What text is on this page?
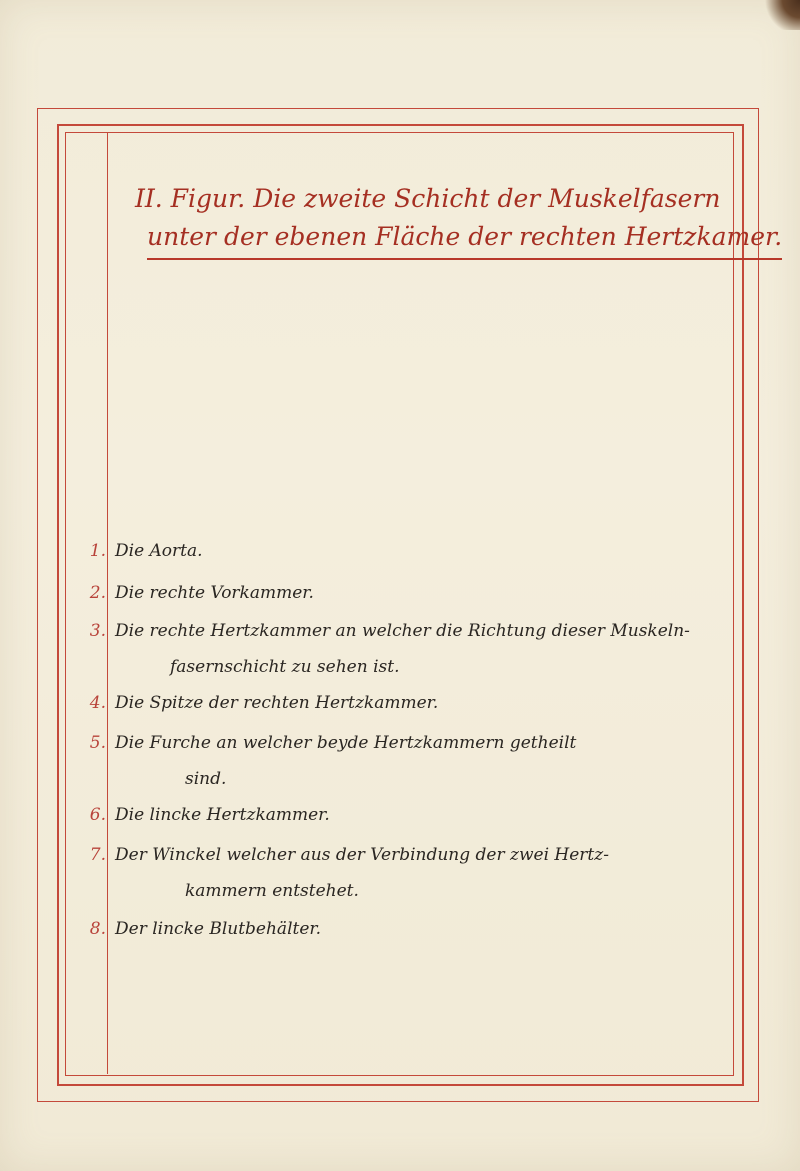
II. Figur. Die zweite Schicht der Muskelfasern
unter der ebenen Fläche der rechten Hertzkamer.
1. Die Aorta.
2. Die rechte Vorkammer.
3. Die rechte Hertzkammer an welcher die Richtung dieser Muskeln-
fasernschicht zu sehen ist.
4. Die Spitze der rechten Hertzkammer.
5. Die Furche an welcher beyde Hertzkammern getheilt
sind.
6. Die lincke Hertzkammer.
7. Der Winckel welcher aus der Verbindung der zwei Hertz-
kammern entstehet.
8. Der lincke Blutbehälter.
